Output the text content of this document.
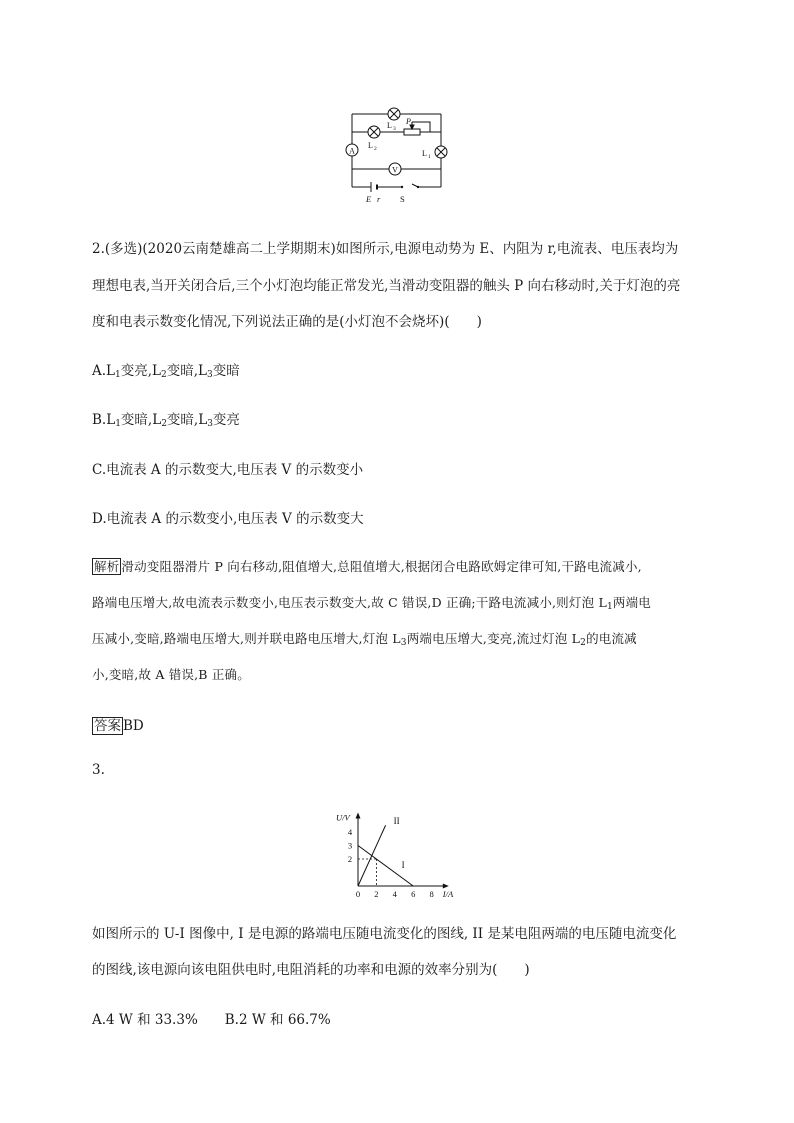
A
V
L 3
P
L 2	L 1
E r S
2.(多选)(2020云南楚雄高二上学期期末)如图所示,电源电动势为 E、内阻为 r,电流表、电压表均为
理想电表,当开关闭合后,三个小灯泡均能正常发光,当滑动变阻器的触头 P 向右移动时,关于灯泡的亮
度和电表示数变化情况,下列说法正确的是(小灯泡不会烧坏)(　　)
$A.L_1$变亮$,L_2$变暗$,L_3$变暗
$B.L_1$变暗$,L_2$变暗$,L_3$变亮
C.电流表 A 的示数变大,电压表 V 的示数变小
D.电流表 A 的示数变小,电压表 V 的示数变大
解析 滑动变阻器滑片 P 向右移动,阻值增大,总阻值增大,根据闭合电路欧姆定律可知,干路电流减小,
路端电压增大,故电流表示数变小,电压表示数变大,故 C 错误,D 正确;干路电流减小,则灯泡 $L_1$两端电
压减小,变暗,路端电压增大,则并联电路电压增大,灯泡 $L_3$两端电压增大,变亮,流过灯泡 $L_2$的电流减
小,变暗,故 A 错误,B 正确。
答案 BD
3.
I/A
U/V
0 2 4 6 8
2
3
4
I
II
如图所示的 U-I 图像中, I 是电源的路端电压随电流变化的图线, II 是某电阻两端的电压随电流变化
的图线,该电源向该电阻供电时,电阻消耗的功率和电源的效率分别为(　　)
A.4 W 和 33.3%　　B.2 W 和 66.7%
